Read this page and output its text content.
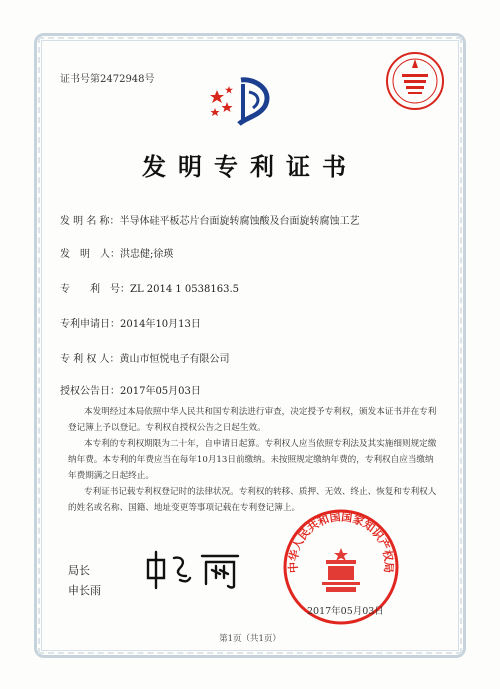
证书号第2472948号
发明专利证书
发 明 名 称：半导体硅平板芯片台面旋转腐蚀酸及台面旋转腐蚀工艺
发　明　人：洪忠健;徐瑛
专　　利　号：ZL 2014 1 0538163.5
专利申请日：2014年10月13日
专 利 权 人：黄山市恒悦电子有限公司
授权公告日：2017年05月03日
本发明经过本局依照中华人民共和国专利法进行审查，决定授予专利权，颁发本证书并在专利登记簿上予以登记。专利权自授权公告之日起生效。
本专利的专利权期限为二十年，自申请日起算。专利权人应当依照专利法及其实施细则规定缴纳年费。本专利的年费应当在每年10月13日前缴纳。未按照规定缴纳年费的，专利权自应当缴纳年费期满之日起终止。
专利证书记载专利权登记时的法律状况。专利权的转移、质押、无效、终止、恢复和专利权人的姓名或名称、国籍、地址变更等事项记载在专利登记簿上。
中华人民共和国国家知识产权局
局长
申长雨
2017年05月03日
第1页（共1页）
